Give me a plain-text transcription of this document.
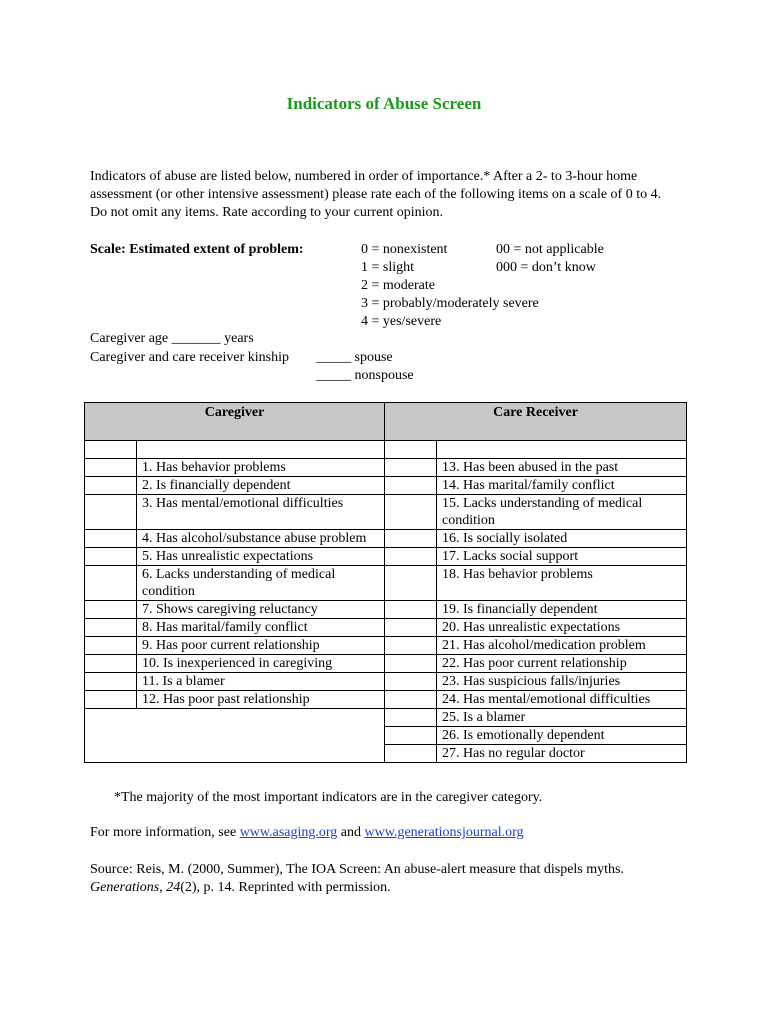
Indicators of Abuse Screen
Indicators of abuse are listed below, numbered in order of importance.* After a 2- to 3-hour home assessment (or other intensive assessment) please rate each of the following items on a scale of 0 to 4. Do not omit any items. Rate according to your current opinion.
Scale: Estimated extent of problem:	0 = nonexistent
1 = slight
2 = moderate
3 = probably/moderately severe
4 = yes/severe
00 = not applicable
000 = don’t know
Caregiver age _______ years
Caregiver and care receiver kinship _____ spouse
_____ nonspouse
Caregiver		Care Receiver	

	1. Has behavior problems		13. Has been abused in the past
	2. Is financially dependent		14. Has marital/family conflict
	3. Has mental/emotional difficulties		15. Lacks understanding of medical condition
	4. Has alcohol/substance abuse problem		16. Is socially isolated
	5. Has unrealistic expectations		17. Lacks social support
	6. Lacks understanding of medical condition		18. Has behavior problems
	7. Shows caregiving reluctancy		19. Is financially dependent
	8. Has marital/family conflict		20. Has unrealistic expectations
	9. Has poor current relationship		21. Has alcohol/medication problem
	10. Is inexperienced in caregiving		22. Has poor current relationship
	11. Is a blamer		23. Has suspicious falls/injuries
	12. Has poor past relationship		24. Has mental/emotional difficulties
			25. Is a blamer
			26. Is emotionally dependent
			27. Has no regular doctor
*The majority of the most important indicators are in the caregiver category.
For more information, see www.asaging.org and www.generationsjournal.org
Source: Reis, M. (2000, Summer), The IOA Screen: An abuse-alert measure that dispels myths.
Generations, 24(2), p. 14. Reprinted with permission.
